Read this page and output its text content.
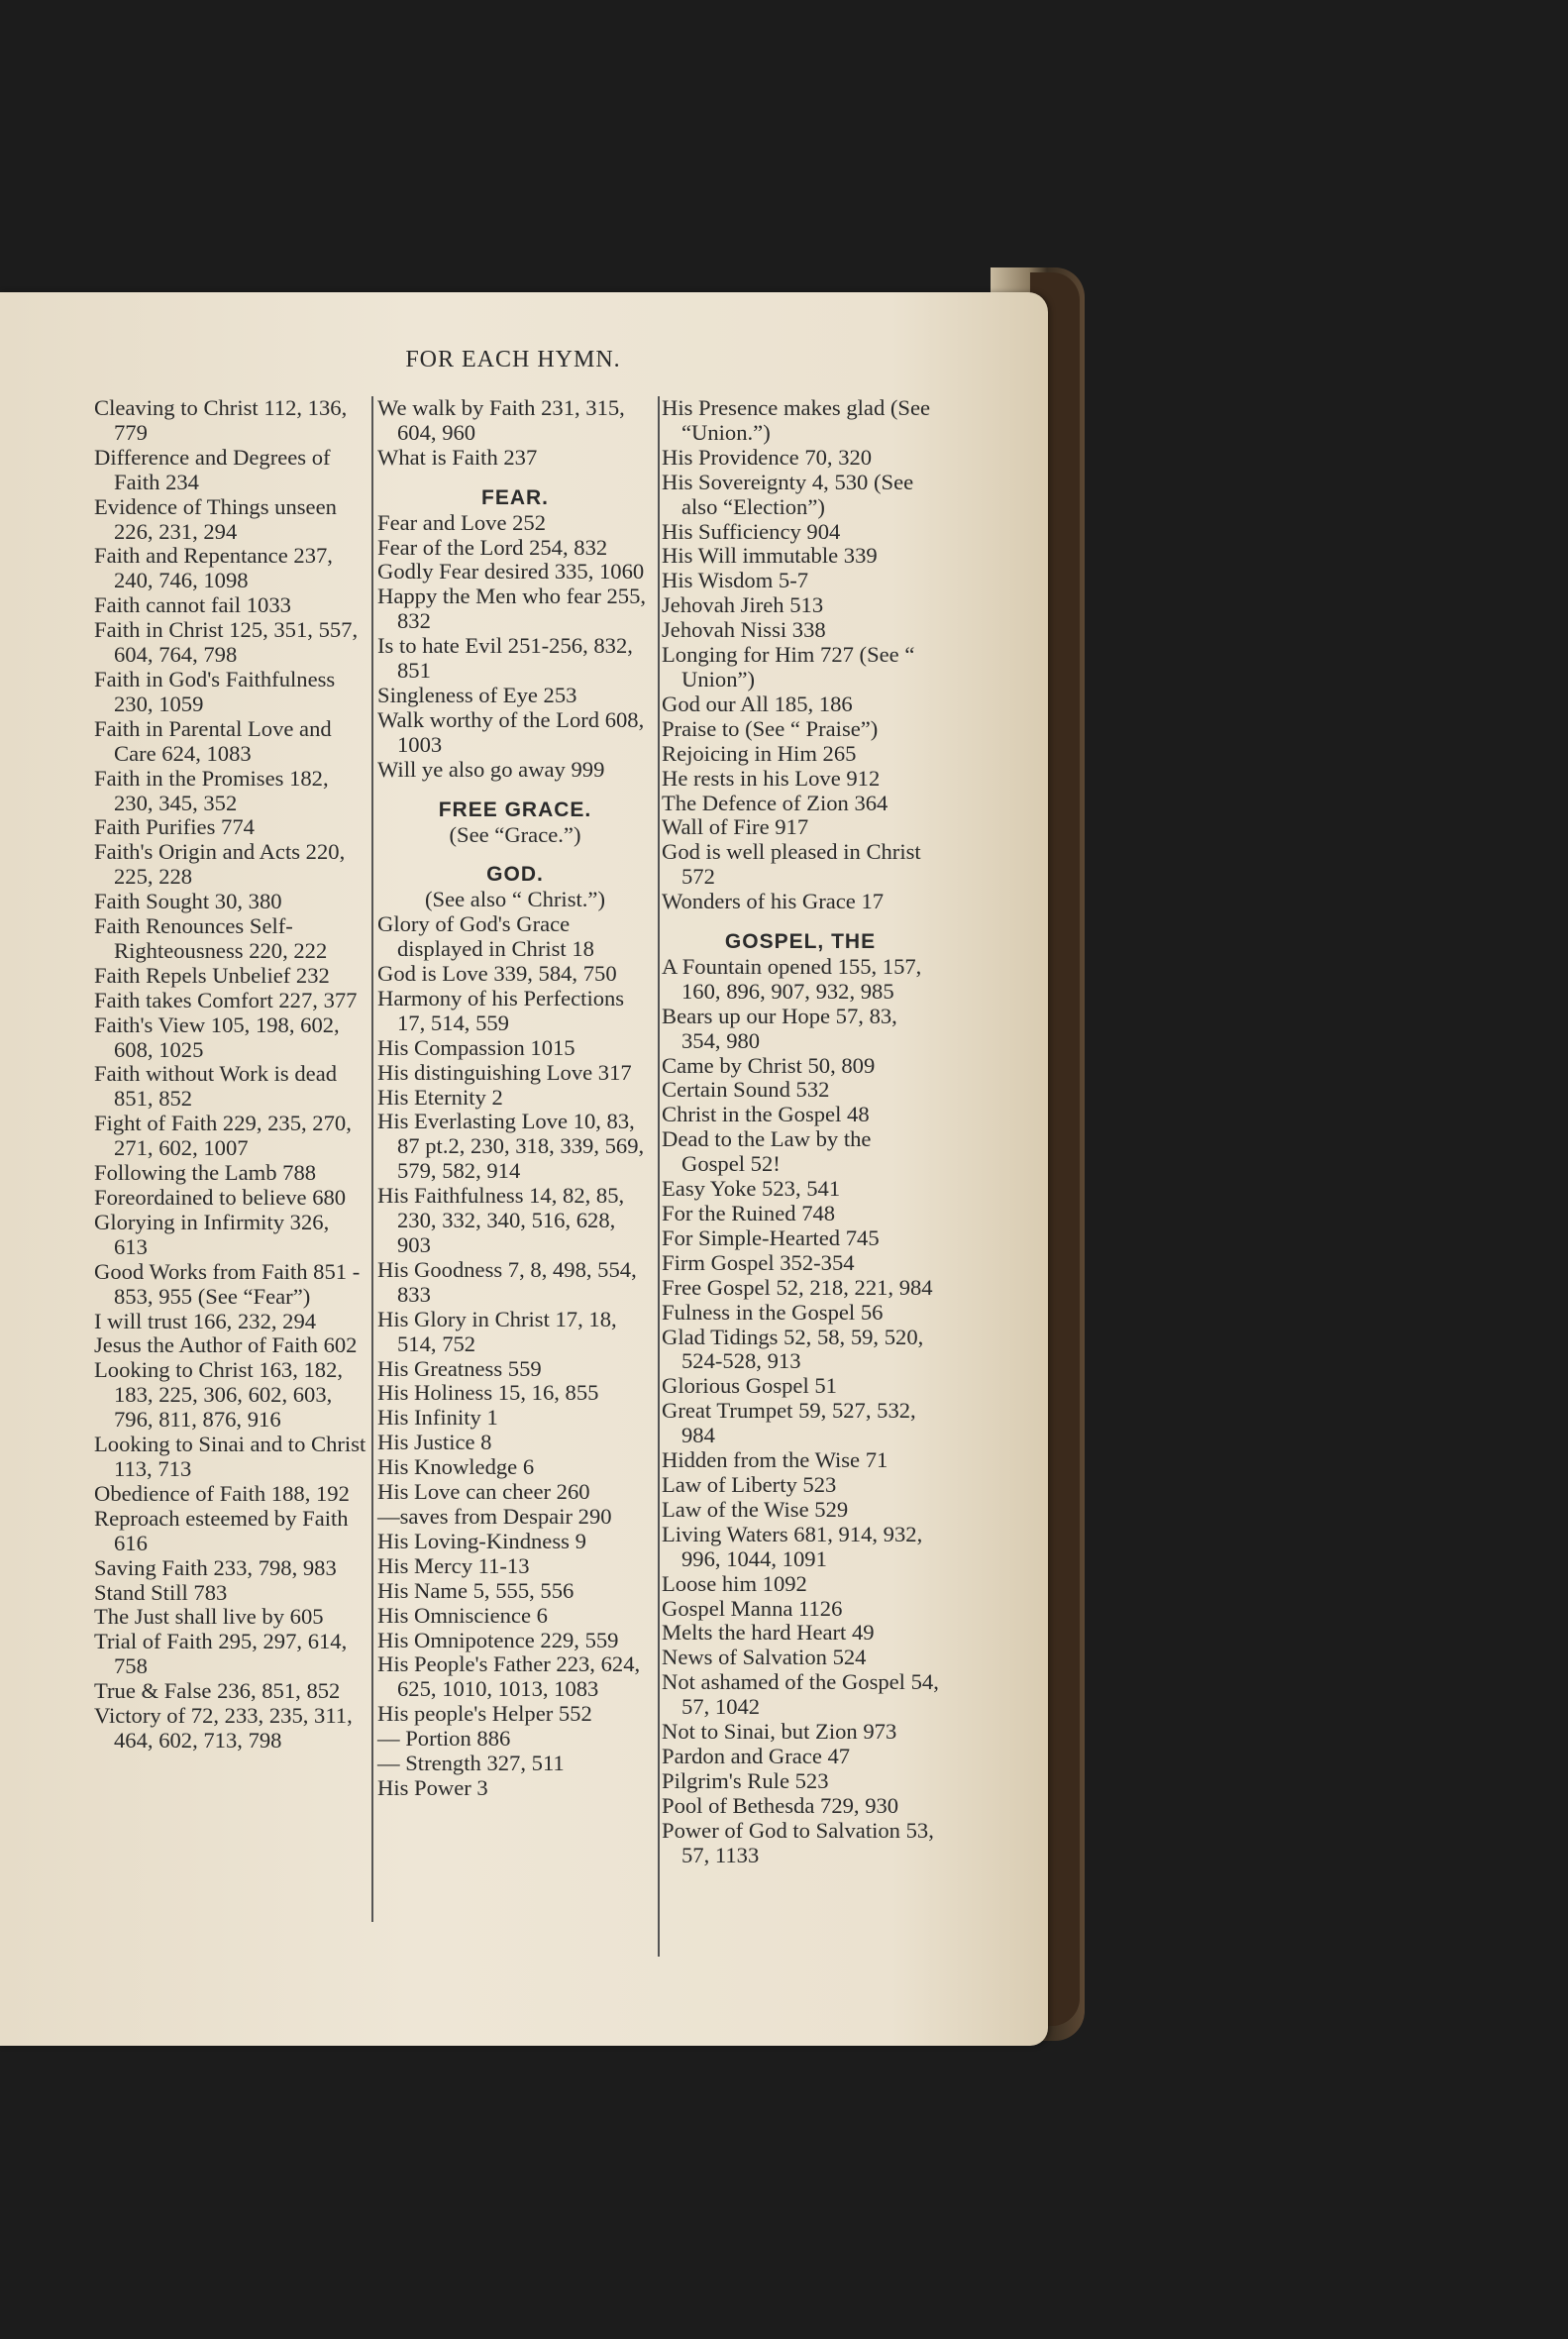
FOR EACH HYMN.
Cleaving to Christ 112, 136, 779
Difference and Degrees of Faith 234
Evidence of Things unseen 226, 231, 294
Faith and Repentance 237, 240, 746, 1098
Faith cannot fail 1033
Faith in Christ 125, 351, 557, 604, 764, 798
Faith in God's Faithfulness 230, 1059
Faith in Parental Love and Care 624, 1083
Faith in the Promises 182, 230, 345, 352
Faith Purifies 774
Faith's Origin and Acts 220, 225, 228
Faith Sought 30, 380
Faith Renounces Self-Righteousness 220, 222
Faith Repels Unbelief 232
Faith takes Comfort 227, 377
Faith's View 105, 198, 602, 608, 1025
Faith without Work is dead 851, 852
Fight of Faith 229, 235, 270, 271, 602, 1007
Following the Lamb 788
Foreordained to believe 680
Glorying in Infirmity 326, 613
Good Works from Faith 851 - 853, 955 (See “Fear”)
I will trust 166, 232, 294
Jesus the Author of Faith 602
Looking to Christ 163, 182, 183, 225, 306, 602, 603, 796, 811, 876, 916
Looking to Sinai and to Christ 113, 713
Obedience of Faith 188, 192
Reproach esteemed by Faith 616
Saving Faith 233, 798, 983
Stand Still 783
The Just shall live by 605
Trial of Faith 295, 297, 614, 758
True & False 236, 851, 852
Victory of 72, 233, 235, 311, 464, 602, 713, 798
We walk by Faith 231, 315, 604, 960
What is Faith 237
FEAR.
Fear and Love 252
Fear of the Lord 254, 832
Godly Fear desired 335, 1060
Happy the Men who fear 255, 832
Is to hate Evil 251-256, 832, 851
Singleness of Eye 253
Walk worthy of the Lord 608, 1003
Will ye also go away 999
FREE GRACE.
(See “Grace.”)
GOD.
(See also “ Christ.”)
Glory of God's Grace displayed in Christ 18
God is Love 339, 584, 750
Harmony of his Perfections 17, 514, 559
His Compassion 1015
His distinguishing Love 317
His Eternity 2
His Everlasting Love 10, 83, 87 pt.2, 230, 318, 339, 569, 579, 582, 914
His Faithfulness 14, 82, 85, 230, 332, 340, 516, 628, 903
His Goodness 7, 8, 498, 554, 833
His Glory in Christ 17, 18, 514, 752
His Greatness 559
His Holiness 15, 16, 855
His Infinity 1
His Justice 8
His Knowledge 6
His Love can cheer 260
—saves from Despair 290
His Loving-Kindness 9
His Mercy 11-13
His Name 5, 555, 556
His Omniscience 6
His Omnipotence 229, 559
His People's Father 223, 624, 625, 1010, 1013, 1083
His people's Helper 552
— Portion 886
— Strength 327, 511
His Power 3
His Presence makes glad (See “Union.”)
His Providence 70, 320
His Sovereignty 4, 530 (See also “Election”)
His Sufficiency 904
His Will immutable 339
His Wisdom 5-7
Jehovah Jireh 513
Jehovah Nissi 338
Longing for Him 727 (See “ Union”)
God our All 185, 186
Praise to (See “ Praise”)
Rejoicing in Him 265
He rests in his Love 912
The Defence of Zion 364
Wall of Fire 917
God is well pleased in Christ 572
Wonders of his Grace 17
GOSPEL, THE
A Fountain opened 155, 157, 160, 896, 907, 932, 985
Bears up our Hope 57, 83, 354, 980
Came by Christ 50, 809
Certain Sound 532
Christ in the Gospel 48
Dead to the Law by the Gospel 52!
Easy Yoke 523, 541
For the Ruined 748
For Simple-Hearted 745
Firm Gospel 352-354
Free Gospel 52, 218, 221, 984
Fulness in the Gospel 56
Glad Tidings 52, 58, 59, 520, 524-528, 913
Glorious Gospel 51
Great Trumpet 59, 527, 532, 984
Hidden from the Wise 71
Law of Liberty 523
Law of the Wise 529
Living Waters 681, 914, 932, 996, 1044, 1091
Loose him 1092
Gospel Manna 1126
Melts the hard Heart 49
News of Salvation 524
Not ashamed of the Gospel 54, 57, 1042
Not to Sinai, but Zion 973
Pardon and Grace 47
Pilgrim's Rule 523
Pool of Bethesda 729, 930
Power of God to Salvation 53, 57, 1133
